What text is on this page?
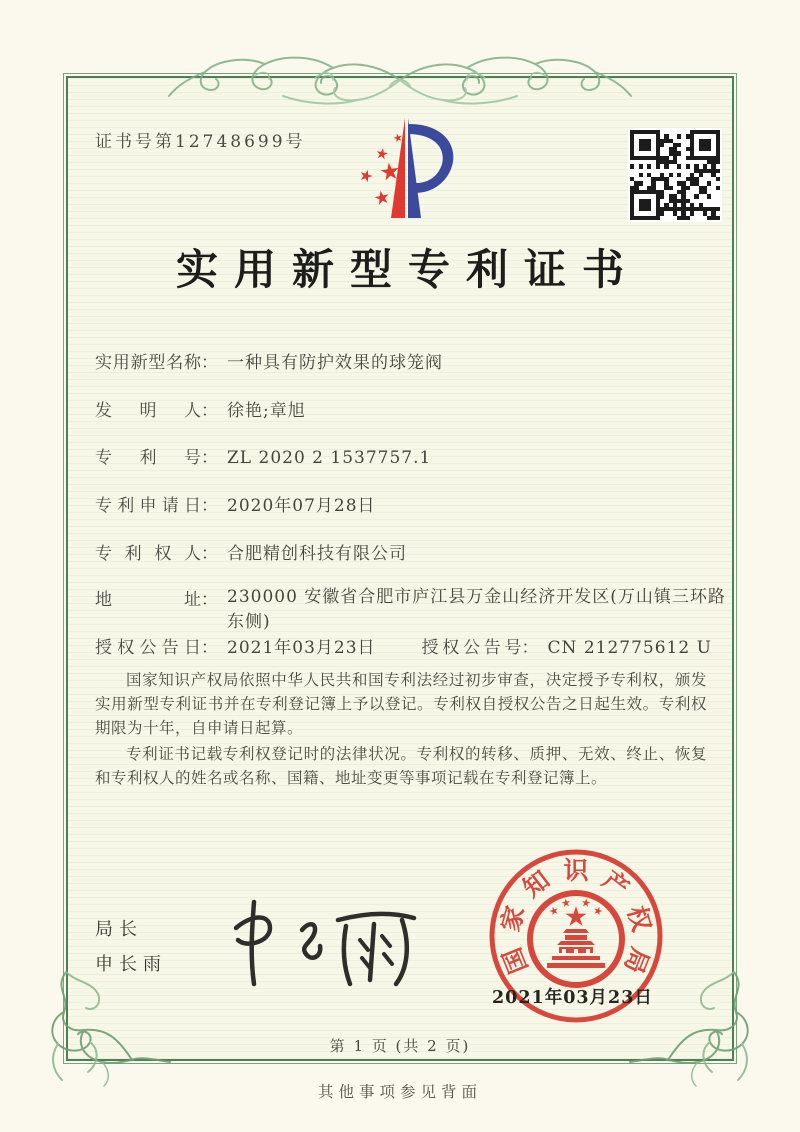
证书号第12748699号
实用新型专利证书
实 用 新 型 名 称 ： 一种具有防护效果的球笼阀
发 明 人 ： 徐艳;章旭
专 利 号 ： ZL 2020 2 1537757.1
专 利 申 请 日 ： 2020年07月28日
专 利 权 人 ： 合肥精创科技有限公司
地	址 ： 230000 安徽省合肥市庐江县万金山经济开发区(万山镇三环路东侧)
授 权 公 告 日 ： 2021年03月23日	授 权 公 告 号 ： CN 212775612 U

国家知识产权局依照中华人民共和国专利法经过初步审查，决定授予专利权，颁发实用新型专利证书并在专利登记簿上予以登记。专利权自授权公告之日起生效。专利权期限为十年，自申请日起算。

专利证书记载专利权登记时的法律状况。专利权的转移、质押、无效、终止、恢复和专利权人的姓名或名称、国籍、地址变更等事项记载在专利登记簿上。

局长
申长雨	国
家
知 识 产
权
局
2021年03月23日
第 1 页 (共 2 页)
其他事项参见背面
